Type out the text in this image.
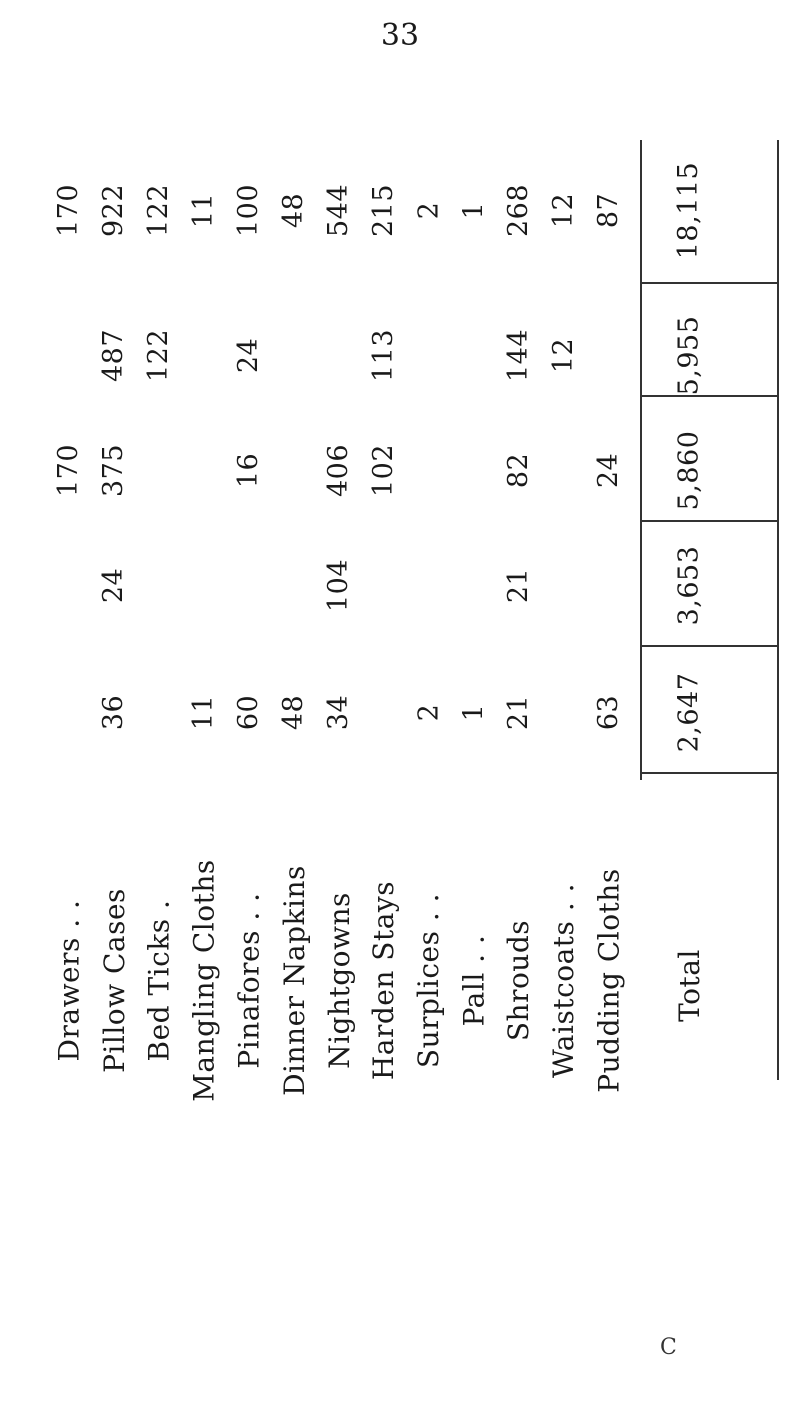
33
170
170
Drawers . .
922
487
375
24
36
Pillow Cases
122
122
Bed Ticks .
11
11
Mangling Cloths
100
24
16
60
Pinafores . .
48
48
Dinner Napkins
544
406
104
34
Nightgowns
215
113
102
Harden Stays
2
2
Surplices . .
1
1
Pall . .
268
144
82
21
21
Shrouds
12
12
Waistcoats . .
87
24
63
Pudding Cloths
18,115
5,955
5,860
3,653
2,647
Total
C
